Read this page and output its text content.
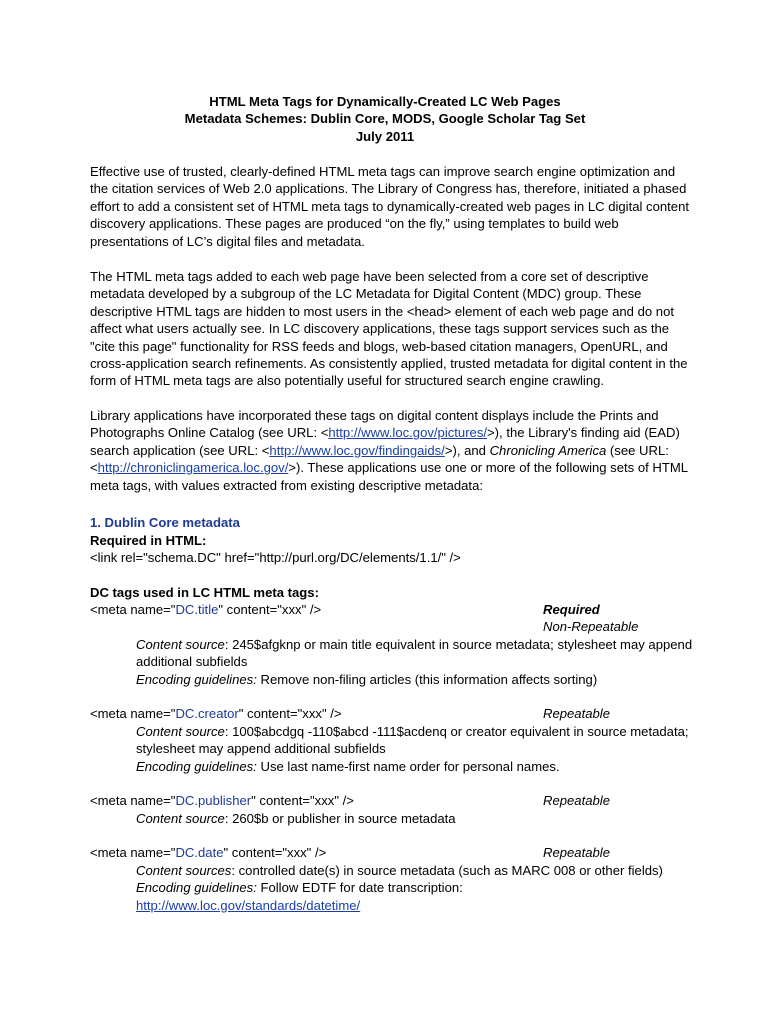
HTML Meta Tags for Dynamically-Created LC Web Pages
Metadata Schemes: Dublin Core, MODS, Google Scholar Tag Set
July 2011
Effective use of trusted, clearly-defined HTML meta tags can improve search engine optimization and the citation services of Web 2.0 applications. The Library of Congress has, therefore, initiated a phased effort to add a consistent set of HTML meta tags to dynamically-created web pages in LC digital content discovery applications. These pages are produced “on the fly,” using templates to build web presentations of LC’s digital files and metadata.
The HTML meta tags added to each web page have been selected from a core set of descriptive metadata developed by a subgroup of the LC Metadata for Digital Content (MDC) group. These descriptive HTML tags are hidden to most users in the <head> element of each web page and do not affect what users actually see. In LC discovery applications, these tags support services such as the "cite this page" functionality for RSS feeds and blogs, web-based citation managers, OpenURL, and cross-application search refinements. As consistently applied, trusted metadata for digital content in the form of HTML meta tags are also potentially useful for structured search engine crawling.
Library applications have incorporated these tags on digital content displays include the Prints and Photographs Online Catalog (see URL: <http://www.loc.gov/pictures/>), the Library's finding aid (EAD) search application (see URL: <http://www.loc.gov/findingaids/>), and Chronicling America (see URL: <http://chroniclingamerica.loc.gov/>). These applications use one or more of the following sets of HTML meta tags, with values extracted from existing descriptive metadata:
1. Dublin Core metadata
Required in HTML:
<link rel="schema.DC" href="http://purl.org/DC/elements/1.1/" />
DC tags used in LC HTML meta tags:
<meta name="DC.title" content="xxx" />	Required
Non-Repeatable
Content source: 245$afgknp or main title equivalent in source metadata; stylesheet may append additional subfields
Encoding guidelines: Remove non-filing articles (this information affects sorting)
<meta name="DC.creator" content="xxx" />	Repeatable
Content source: 100$abcdgq -110$abcd -111$acdenq or creator equivalent in source metadata; stylesheet may append additional subfields
Encoding guidelines: Use last name-first name order for personal names.
<meta name="DC.publisher" content="xxx" />	Repeatable
Content source: 260$b or publisher in source metadata
<meta name="DC.date" content="xxx" />	Repeatable
Content sources: controlled date(s) in source metadata (such as MARC 008 or other fields)
Encoding guidelines: Follow EDTF for date transcription:
http://www.loc.gov/standards/datetime/
